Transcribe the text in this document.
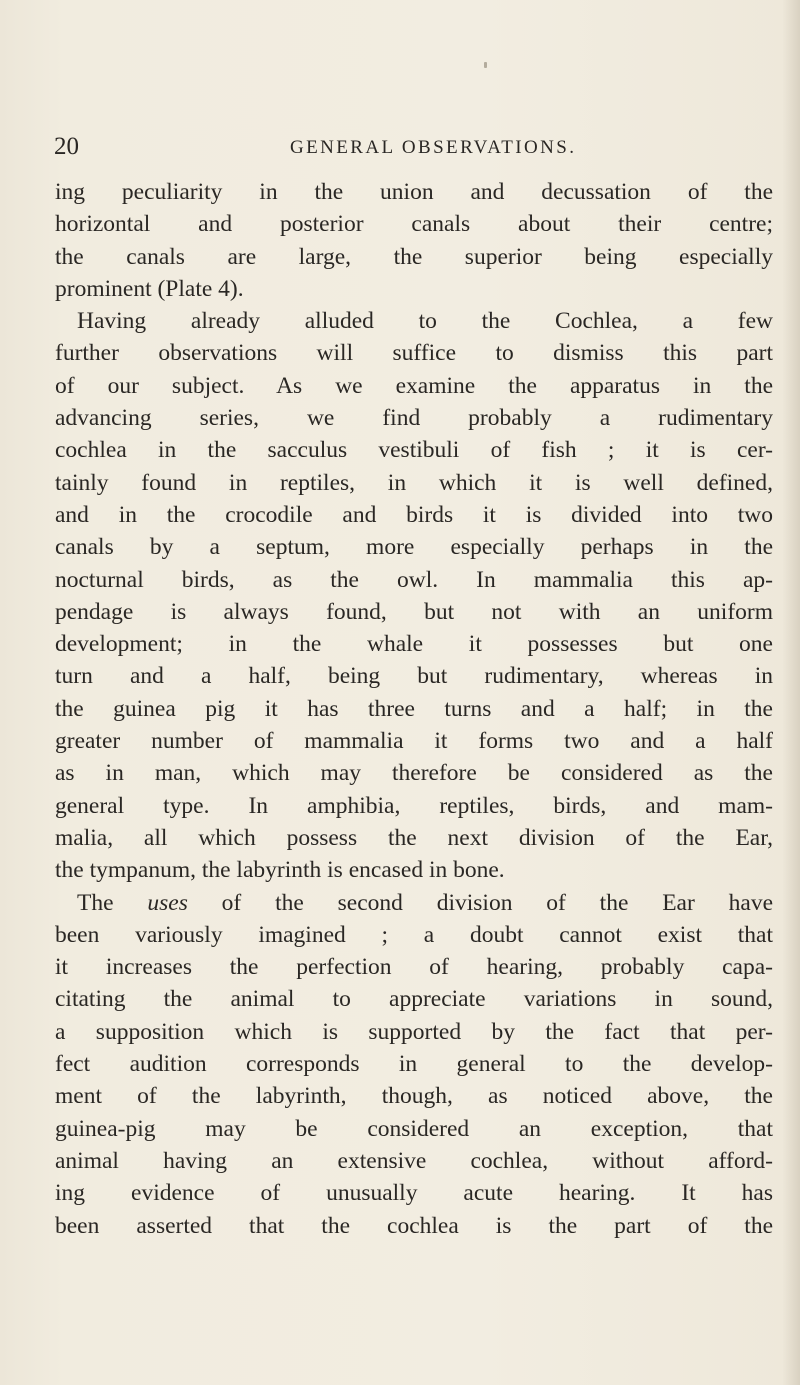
20	GENERAL OBSERVATIONS.
ing peculiarity in the union and decussation of the
horizontal and posterior canals about their centre;
the canals are large, the superior being especially
prominent (Plate 4).
Having already alluded to the Cochlea, a few
further observations will suffice to dismiss this part
of our subject. As we examine the apparatus in the
advancing series, we find probably a rudimentary
cochlea in the sacculus vestibuli of fish ; it is cer-
tainly found in reptiles, in which it is well defined,
and in the crocodile and birds it is divided into two
canals by a septum, more especially perhaps in the
nocturnal birds, as the owl. In mammalia this ap-
pendage is always found, but not with an uniform
development; in the whale it possesses but one
turn and a half, being but rudimentary, whereas in
the guinea pig it has three turns and a half; in the
greater number of mammalia it forms two and a half
as in man, which may therefore be considered as the
general type. In amphibia, reptiles, birds, and mam-
malia, all which possess the next division of the Ear,
the tympanum, the labyrinth is encased in bone.
The uses of the second division of the Ear have
been variously imagined ; a doubt cannot exist that
it increases the perfection of hearing, probably capa-
citating the animal to appreciate variations in sound,
a supposition which is supported by the fact that per-
fect audition corresponds in general to the develop-
ment of the labyrinth, though, as noticed above, the
guinea-pig may be considered an exception, that
animal having an extensive cochlea, without afford-
ing evidence of unusually acute hearing. It has
been asserted that the cochlea is the part of the
